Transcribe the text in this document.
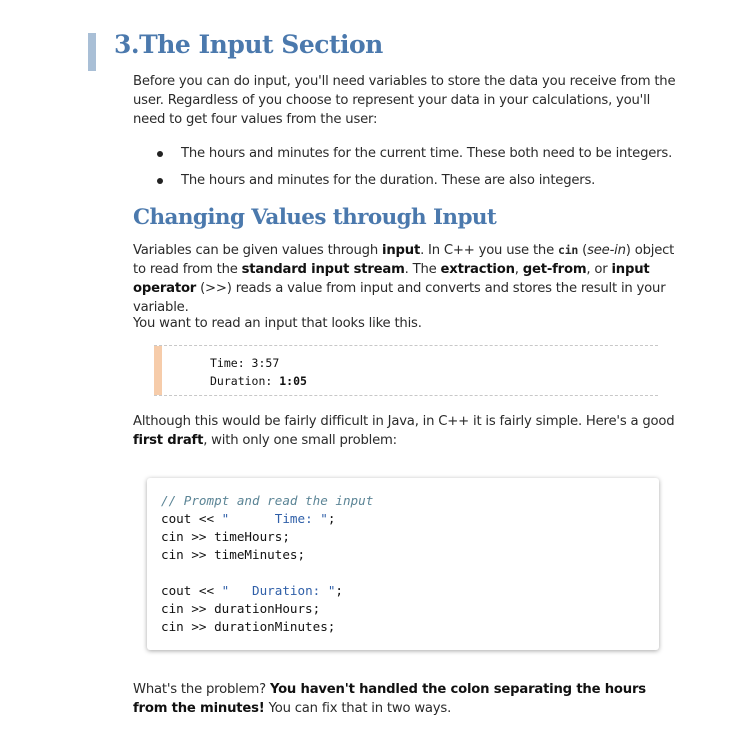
3.The Input Section

Before you can do input, you'll need variables to store the data you receive from the user. Regardless of you choose to represent your data in your calculations, you'll need to get four values from the user:

The hours and minutes for the current time. These both need to be integers.
The hours and minutes for the duration. These are also integers.
Changing Values through Input

Variables can be given values through input. In C++ you use the cin (see-in) object to read from the standard input stream. The extraction, get-from, or input operator (>>) reads a value from input and converts and stores the result in your variable.

You want to read an input that looks like this.

Time: 3:57
Duration: 1:05

Although this would be fairly difficult in Java, in C++ it is fairly simple. Here's a good first draft, with only one small problem:

// Prompt and read the input
cout << "      Time: ";
cin >> timeHours;
cin >> timeMinutes;

cout << "   Duration: ";
cin >> durationHours;
cin >> durationMinutes;

What's the problem? You haven't handled the colon separating the hours from the minutes! You can fix that in two ways.
